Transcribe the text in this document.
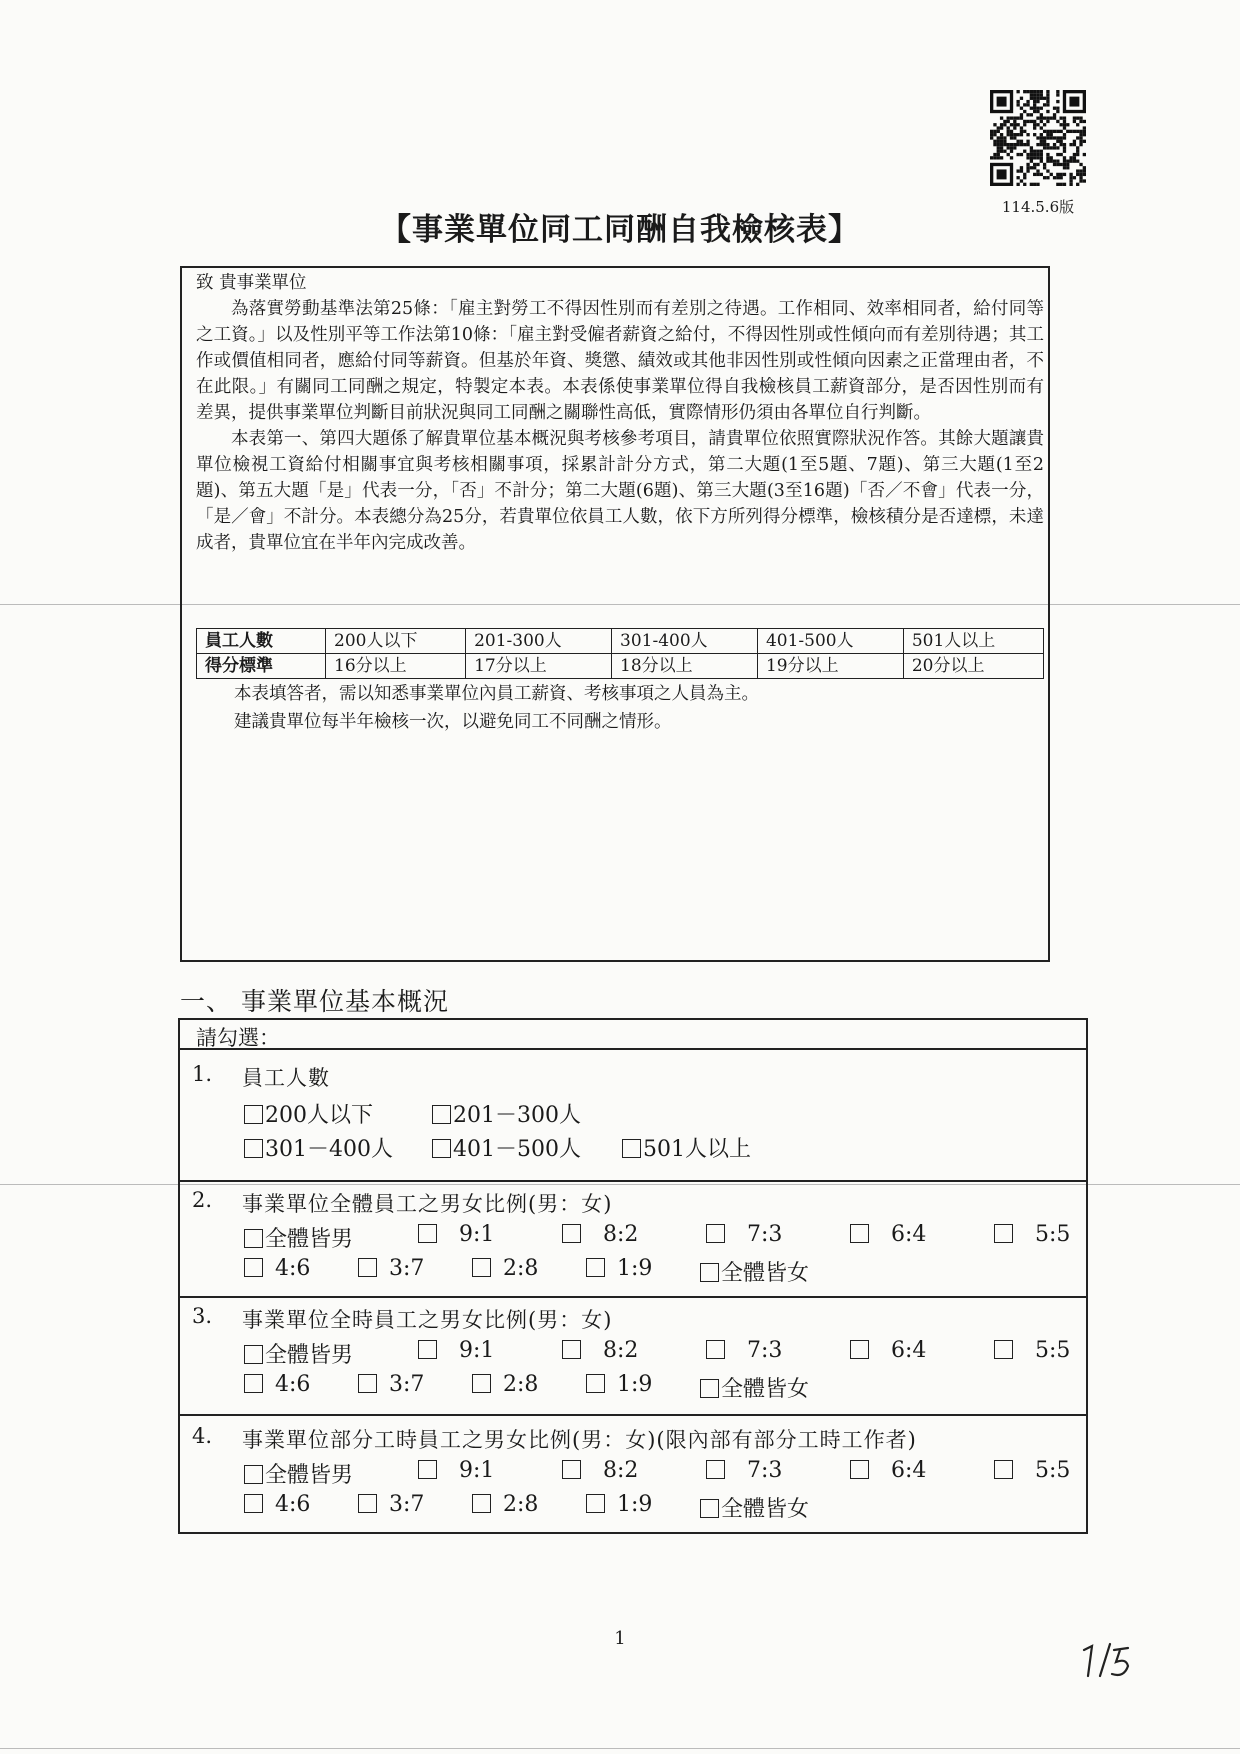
114.5.6版
【事業單位同工同酬自我檢核表】

致 貴事業單位

為落實勞動基準法第25條：「雇主對勞工不得因性別而有差別之待遇。工作相同、效率相同者，給付同等之工資。」以及性別平等工作法第10條：「雇主對受僱者薪資之給付，不得因性別或性傾向而有差別待遇；其工作或價值相同者，應給付同等薪資。但基於年資、獎懲、績效或其他非因性別或性傾向因素之正當理由者，不在此限。」有關同工同酬之規定，特製定本表。本表係使事業單位得自我檢核員工薪資部分，是否因性別而有差異，提供事業單位判斷目前狀況與同工同酬之關聯性高低，實際情形仍須由各單位自行判斷。

本表第一、第四大題係了解貴單位基本概況與考核參考項目，請貴單位依照實際狀況作答。其餘大題讓貴單位檢視工資給付相關事宜與考核相關事項，採累計計分方式，第二大題(1至5題、7題)、第三大題(1至2題)、第五大題「是」代表一分，「否」不計分；第二大題(6題)、第三大題(3至16題)「否／不會」代表一分，「是／會」不計分。本表總分為25分，若貴單位依員工人數，依下方所列得分標準，檢核積分是否達標，未達成者，貴單位宜在半年內完成改善。

員工人數	200人以下	201-300人	301-400人	401-500人	501人以上
得分標準	16分以上	17分以上	18分以上	19分以上	20分以上

本表填答者，需以知悉事業單位內員工薪資、考核事項之人員為主。

建議貴單位每半年檢核一次，以避免同工不同酬之情形。

一、 事業單位基本概況
請勾選：
1. 員工人數
200人以下	201－300人
301－400人	401－500人	501人以上
2. 事業單位全體員工之男女比例(男：女)
全體皆男	9:1	8:2	7:3	6:4	5:5
4:6	3:7	2:8	1:9	全體皆女
3. 事業單位全時員工之男女比例(男：女)
全體皆男	9:1	8:2	7:3	6:4	5:5
4:6	3:7	2:8	1:9	全體皆女
4. 事業單位部分工時員工之男女比例(男：女)(限內部有部分工時工作者)
全體皆男	9:1	8:2	7:3	6:4	5:5
4:6	3:7	2:8	1:9	全體皆女
1
